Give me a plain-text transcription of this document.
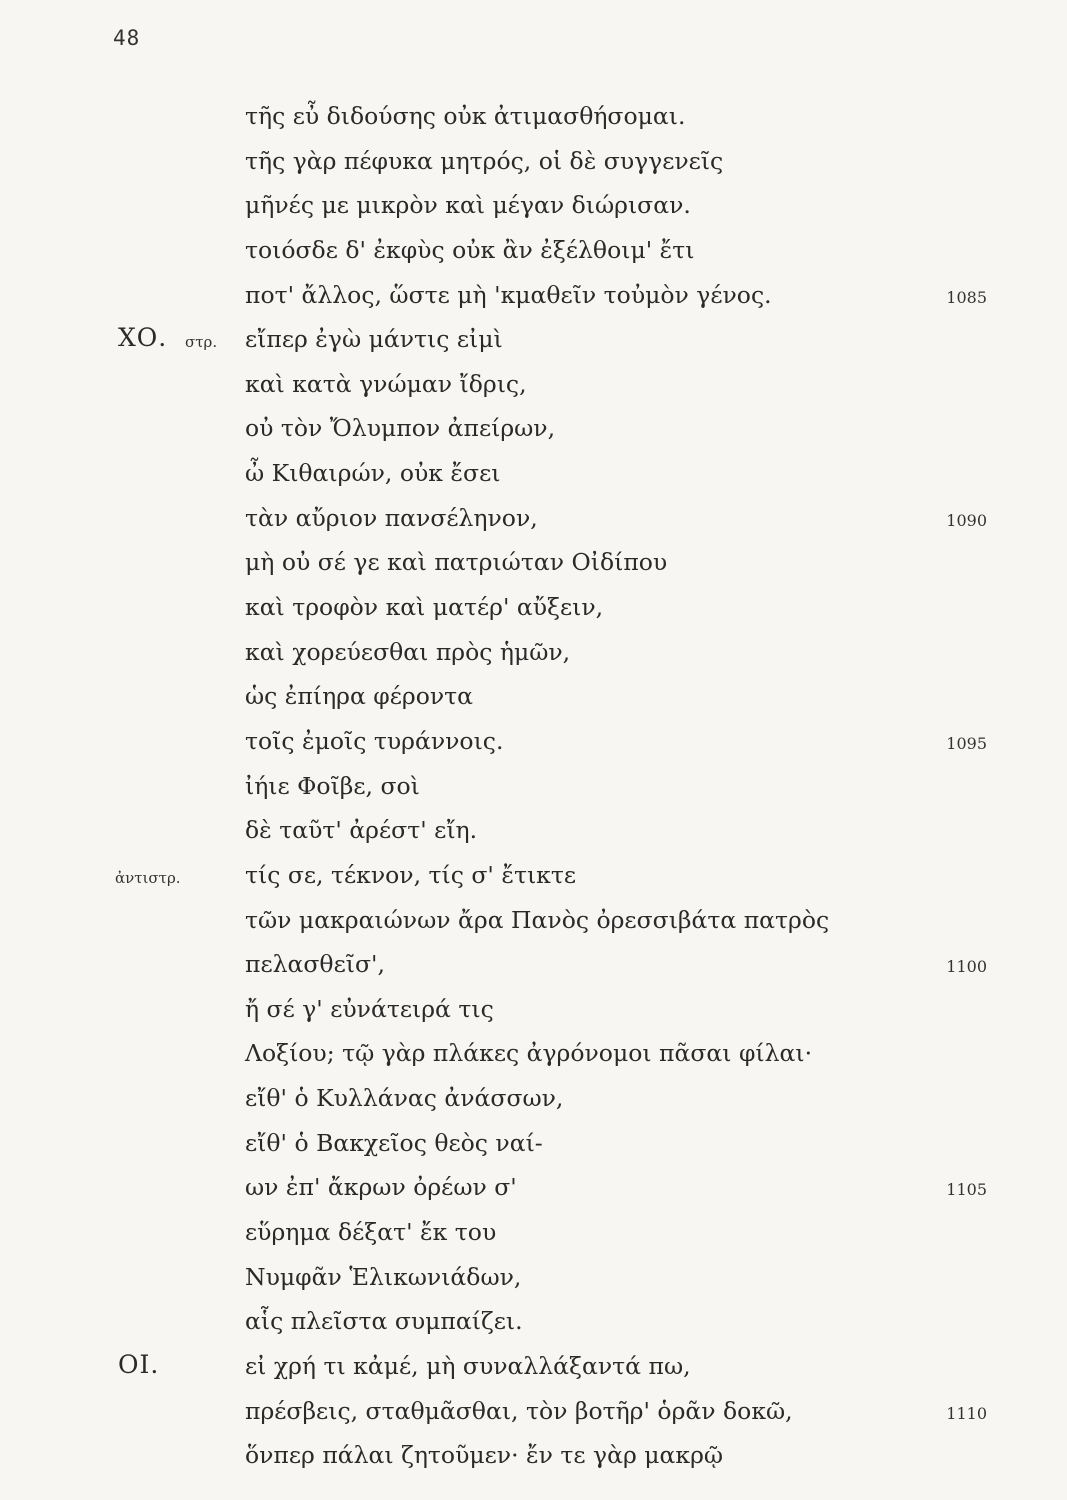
48
τῆς εὖ διδούσης οὐκ ἀτιμασθήσομαι.
τῆς γὰρ πέφυκα μητρός, οἱ δὲ συγγενεῖς
μῆνές με μικρὸν καὶ μέγαν διώρισαν.
τοιόσδε δ' ἐκφὺς οὐκ ἂν ἐξέλθοιμ' ἔτι
ποτ' ἄλλος, ὥστε μὴ 'κμαθεῖν τοὐμὸν γένος.	1085
ΧΟ. στρ. εἴπερ ἐγὼ μάντις εἰμὶ
καὶ κατὰ γνώμαν ἴδρις,
οὐ τὸν Ὄλυμπον ἀπείρων,
ὦ Κιθαιρών, οὐκ ἔσει
τὰν αὔριον πανσέληνον,	1090
μὴ οὐ σέ γε καὶ πατριώταν Οἰδίπου
καὶ τροφὸν καὶ ματέρ' αὔξειν,
καὶ χορεύεσθαι πρὸς ἡμῶν,
ὡς ἐπίηρα φέροντα
τοῖς ἐμοῖς τυράννοις.	1095
ἰήιε Φοῖβε, σοὶ
δὲ ταῦτ' ἀρέστ' εἴη.
ἀντιστρ.	τίς σε, τέκνον, τίς σ' ἔτικτε
τῶν μακραιώνων ἄρα Πανὸς ὀρεσσιβάτα πατρὸς
πελασθεῖσ',	1100
ἤ σέ γ' εὐνάτειρά τις
Λοξίου; τῷ γὰρ πλάκες ἀγρόνομοι πᾶσαι φίλαι·
εἴθ' ὁ Κυλλάνας ἀνάσσων,
εἴθ' ὁ Βακχεῖος θεὸς ναί-
ων ἐπ' ἄκρων ὀρέων σ'	1105
εὕρημα δέξατ' ἔκ του
Νυμφᾶν Ἑλικωνιάδων,
αἷς πλεῖστα συμπαίζει.
ΟΙ.	εἰ χρή τι κἀμέ, μὴ συναλλάξαντά πω,
πρέσβεις, σταθμᾶσθαι, τὸν βοτῆρ' ὁρᾶν δοκῶ,	1110
ὅνπερ πάλαι ζητοῦμεν· ἔν τε γὰρ μακρῷ
